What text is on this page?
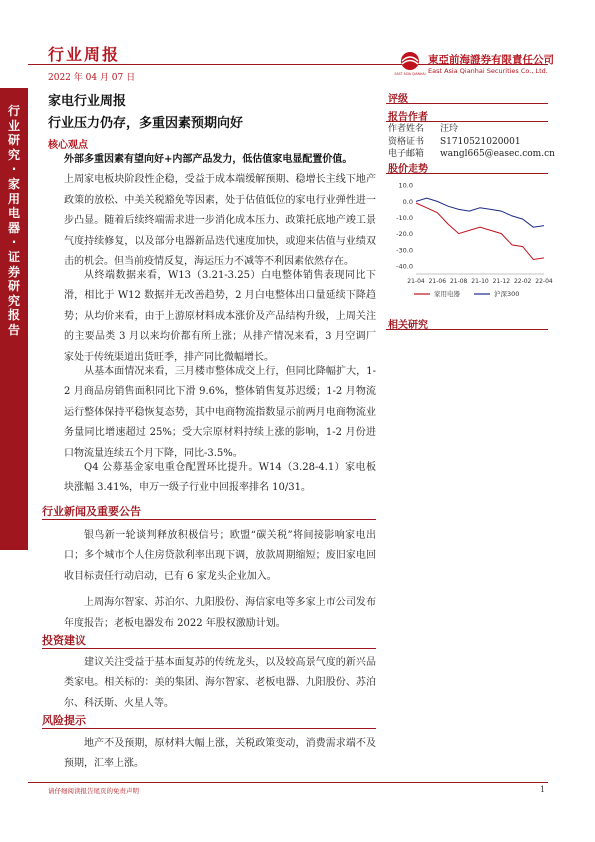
行业周报
2022 年 04 月 07 日	EAST ASIA QIANHAI
東亞前海證券有限責任公司
East Asia Qianhai Securities Co., Ltd.
行业研究·家用电器·证券研究报告
家电行业周报
行业压力仍存，多重因素预期向好
核心观点

外部多重因素有望向好+内部产品发力，低估值家电显配置价值。

上周家电板块阶段性企稳，受益于成本端缓解预期、稳增长主线下地产政策的放松、中美关税豁免等因素，处于估值低位的家电行业弹性进一步凸显。随着后续终端需求进一步消化成本压力、政策托底地产竣工景气度持续修复，以及部分电器新品迭代速度加快，或迎来估值与业绩双击的机会。但当前疫情反复，海运压力不减等不利因素依然存在。

从终端数据来看，W13（3.21-3.25）白电整体销售表现同比下滑，相比于 W12 数据并无改善趋势，2 月白电整体出口量延续下降趋势；从均价来看，由于上游原材料成本涨价及产品结构升级，上周关注的主要品类 3 月以来均价都有所上涨；从排产情况来看，3 月空调厂家处于传统渠道出货旺季，排产同比微幅增长。

从基本面情况来看，三月楼市整体成交上行，但同比降幅扩大，1-2 月商品房销售面积同比下滑 9.6%，整体销售复苏迟缓；1-2 月物流运行整体保持平稳恢复态势，其中电商物流指数显示前两月电商物流业务量同比增速超过 25%；受大宗原材料持续上涨的影响，1-2 月份进口物流量连续五个月下降，同比-3.5%。

Q4 公募基金家电重仓配置环比提升。W14（3.28-4.1）家电板块涨幅 3.41%，申万一级子行业中回报率排名 10/31。

行业新闻及重要公告

银鸟新一轮谈判释放积极信号；欧盟“碳关税”将间接影响家电出口；多个城市个人住房贷款利率出现下调，放款周期缩短；废旧家电回收目标责任行动启动，已有 6 家龙头企业加入。

上周海尔智家、苏泊尔、九阳股份、海信家电等多家上市公司发布年度报告；老板电器发布 2022 年股权激励计划。

投资建议

建议关注受益于基本面复苏的传统龙头，以及较高景气度的新兴品类家电。相关标的：美的集团、海尔智家、老板电器、九阳股份、苏泊尔、科沃斯、火星人等。

风险提示

地产不及预期，原材料大幅上涨，关税政策变动，消费需求端不及预期，汇率上涨。

评级
报告作者
作者姓名	汪玲
资格证书	S1710521020001
电子邮箱	wangl665@easec.com.cn
股价走势
10.0
0.0
-10.0
-20.0
-30.0
-40.0
21-04 21-06 21-08 21-10 21-12 22-02 22-04
家用电器	沪深300
相关研究
请仔细阅读报告尾页的免责声明	1
